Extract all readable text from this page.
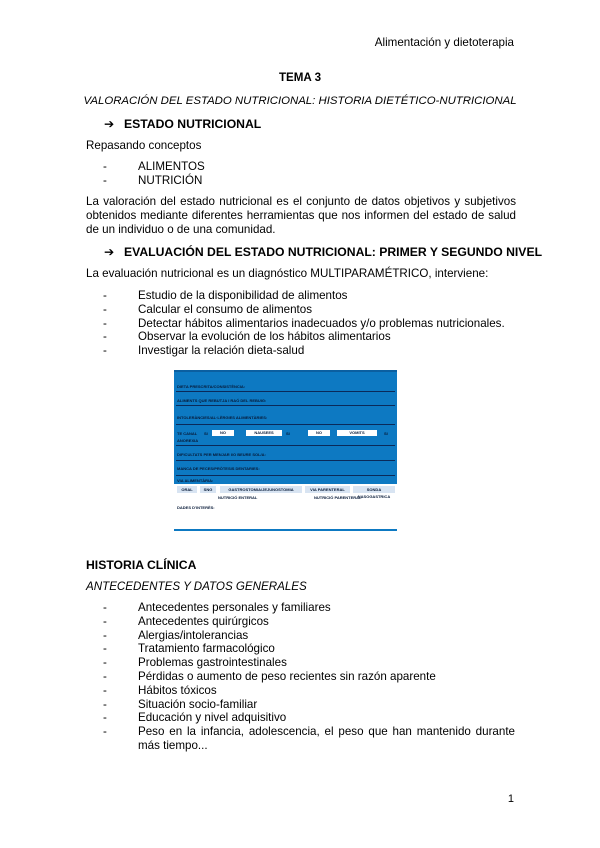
Alimentación y dietoterapia
TEMA 3
VALORACIÓN DEL ESTADO NUTRICIONAL: HISTORIA DIETÉTICO-NUTRICIONAL
➔ ESTADO NUTRICIONAL
Repasando conceptos
-	ALIMENTOS
-	NUTRICIÓN
La valoración del estado nutricional es el conjunto de datos objetivos y subjetivos obtenidos mediante diferentes herramientas que nos informen del estado de salud de un individuo o de una comunidad.
➔ EVALUACIÓN DEL ESTADO NUTRICIONAL: PRIMER Y SEGUNDO NIVEL
La evaluación nutricional es un diagnóstico MULTIPARAMÉTRICO, interviene:
-	Estudio de la disponibilidad de alimentos
-	Calcular el consumo de alimentos
-	Detectar hábitos alimentarios inadecuados y/o problemas nutricionales.
-	Observar la evolución de los hábitos alimentarios
-	Investigar la relación dieta-salud
DIETA PRESCRITA/CONSISTÈNCIA:
ALIMENTS QUE REBUTJA I RAÓ DEL REBUIG:
INTOLERÀNCIES/AL·LÈRGIES ALIMENTÀRIES:
TE CANAL SI	NO	NAUSEES	SI	NO	VOMITS	SI
ANOREXIA
DIFICULTATS PER MENJAR I/O BEURE SOL/A:
MANCA DE PECES/PRÒTESIS DENTARIES:
VIA ALIMENTÀRIA:
ORAL	SNG	GASTROSTOMIA/JEJUNOSTOMIA	VIA PARENTERAL	SONDA NASOGASTRICA
NUTRICIÓ ENTERAL	NUTRICIÓ PARENTERAL
DADES D'INTERÈS:
HISTORIA CLÍNICA
ANTECEDENTES Y DATOS GENERALES
-	Antecedentes personales y familiares
-	Antecedentes quirúrgicos
-	Alergias/intolerancias
-	Tratamiento farmacológico
-	Problemas gastrointestinales
-	Pérdidas o aumento de peso recientes sin razón aparente
-	Hábitos tóxicos
-	Situación socio-familiar
-	Educación y nivel adquisitivo
-	Peso en la infancia, adolescencia, el peso que han mantenido durante más tiempo...
1
